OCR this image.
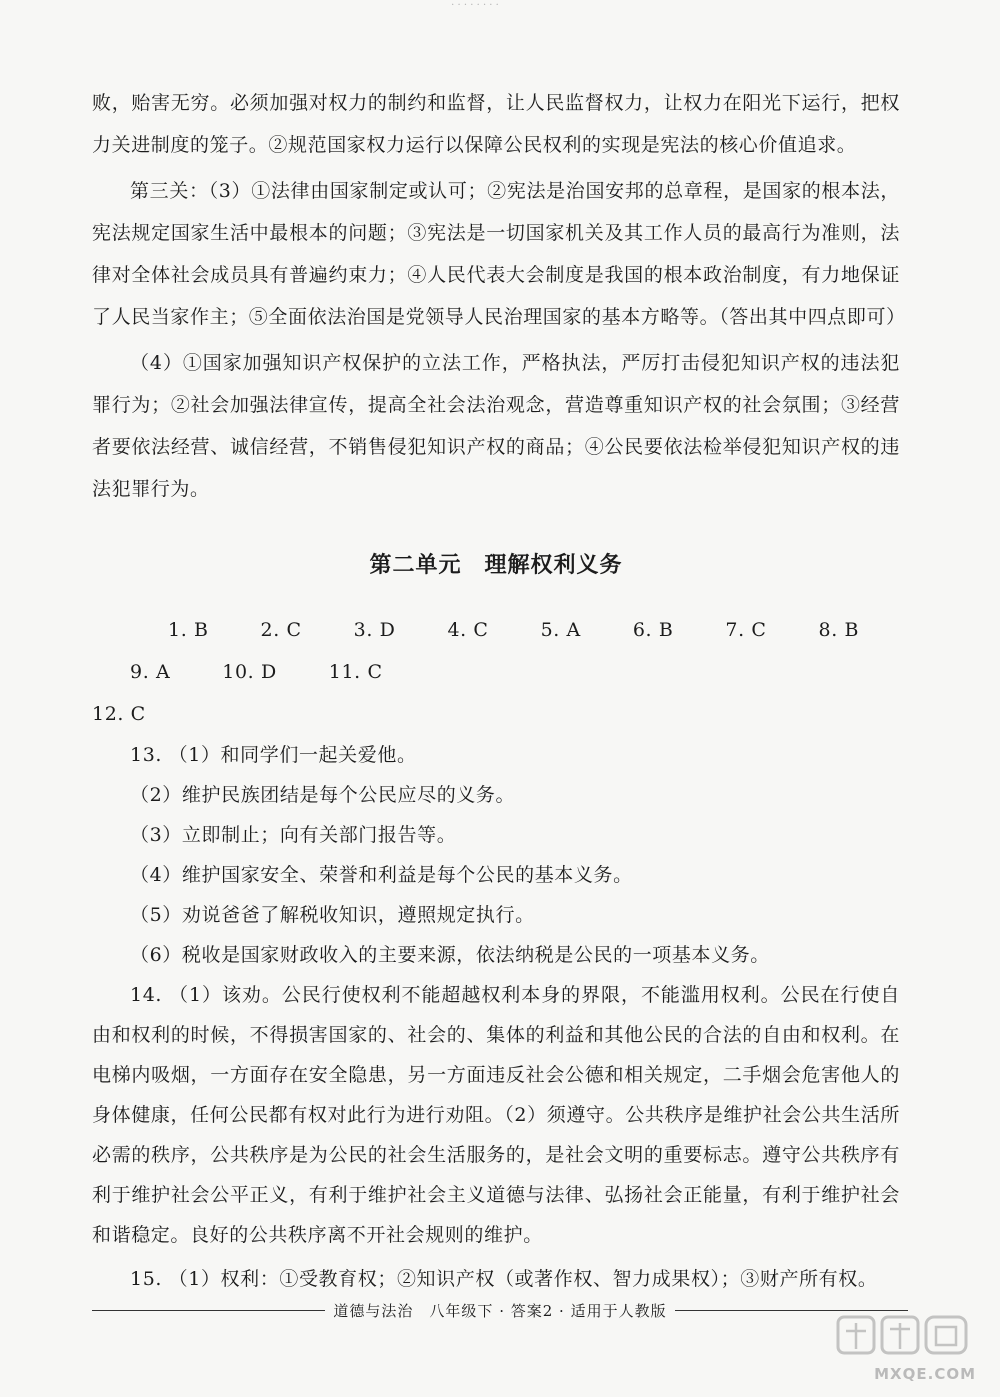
· · · · · · · ·

败，贻害无穷。必须加强对权力的制约和监督，让人民监督权力，让权力在阳光下运行，把权力关进制度的笼子。②规范国家权力运行以保障公民权利的实现是宪法的核心价值追求。

第三关：（3）①法律由国家制定或认可；②宪法是治国安邦的总章程，是国家的根本法，宪法规定国家生活中最根本的问题；③宪法是一切国家机关及其工作人员的最高行为准则，法律对全体社会成员具有普遍约束力；④人民代表大会制度是我国的根本政治制度，有力地保证了人民当家作主；⑤全面依法治国是党领导人民治理国家的基本方略等。（答出其中四点即可）

（4）①国家加强知识产权保护的立法工作，严格执法，严厉打击侵犯知识产权的违法犯罪行为；②社会加强法律宣传，提高全社会法治观念，营造尊重知识产权的社会氛围；③经营者要依法经营、诚信经营，不销售侵犯知识产权的商品；④公民要依法检举侵犯知识产权的违法犯罪行为。

第二单元　理解权利义务
1. B	2. C	3. D	4. C	5. A	6. B	7. C	8. B9. A	10. D	11. C
12. C

13. （1）和同学们一起关爱他。

（2）维护民族团结是每个公民应尽的义务。

（3）立即制止；向有关部门报告等。

（4）维护国家安全、荣誉和利益是每个公民的基本义务。

（5）劝说爸爸了解税收知识，遵照规定执行。

（6）税收是国家财政收入的主要来源，依法纳税是公民的一项基本义务。

14. （1）该劝。公民行使权利不能超越权利本身的界限，不能滥用权利。公民在行使自由和权利的时候，不得损害国家的、社会的、集体的利益和其他公民的合法的自由和权利。在电梯内吸烟，一方面存在安全隐患，另一方面违反社会公德和相关规定，二手烟会危害他人的身体健康，任何公民都有权对此行为进行劝阻。（2）须遵守。公共秩序是维护社会公共生活所必需的秩序，公共秩序是为公民的社会生活服务的，是社会文明的重要标志。遵守公共秩序有利于维护社会公平正义，有利于维护社会主义道德与法律、弘扬社会正能量，有利于维护社会和谐稳定。良好的公共秩序离不开社会规则的维护。

15. （1）权利：①受教育权；②知识产权（或著作权、智力成果权）；③财产所有权。

道德与法治　八年级下 · 答案2 · 适用于人教版
MXQE.COM
